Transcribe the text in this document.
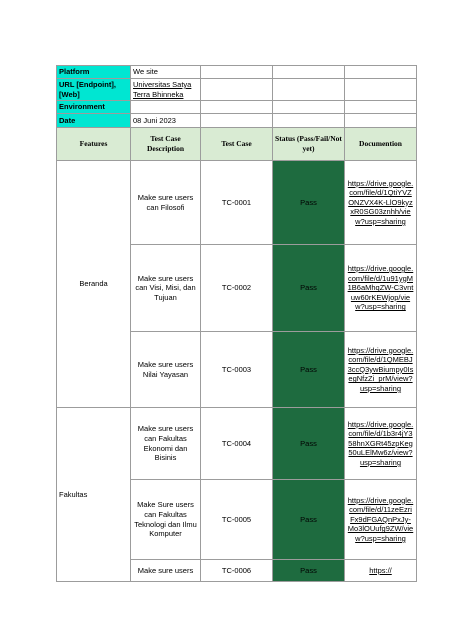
Platform	We site			
URL [Endpoint], [Web]	Universitas Satya Terra Bhinneka			
Environment				
Date	08 Juni 2023			
Features	Test Case Description	Test Case	Status (Pass/Fail/Not yet)	Documention
Beranda	Make sure users can Filosofi	TC-0001	Pass	https://drive.google.com/file/d/1QtiYVZONZVX4K-LlO9kyzxR0SG03znhh/view?usp=sharing
	Make sure users can Visi, Misi, dan Tujuan	TC-0002	Pass	https://drive.google.com/file/d/1u91ygM1B6aMhqZW-C3vntuw60rKEWjop/view?usp=sharing
	Make sure users Nilai Yayasan	TC-0003	Pass	https://drive.google.com/file/d/1QMEBJ3ccQ3ywBiumpy0IsegNfzZi_prM/view?usp=sharing
Fakultas	Make sure users can Fakultas Ekonomi dan Bisinis	TC-0004	Pass	https://drive.google.com/file/d/1b3r4jY358hnXGRt45zpKeg50uLElMw6z/view?usp=sharing
	Make Sure users can Fakultas Teknologi dan Ilmu Komputer	TC-0005	Pass	https://drive.google.com/file/d/11zeEzriFx9dFGAQnPxJy-Mo3lOUufg9ZW/view?usp=sharing
	Make sure users	TC-0006	Pass	https://
